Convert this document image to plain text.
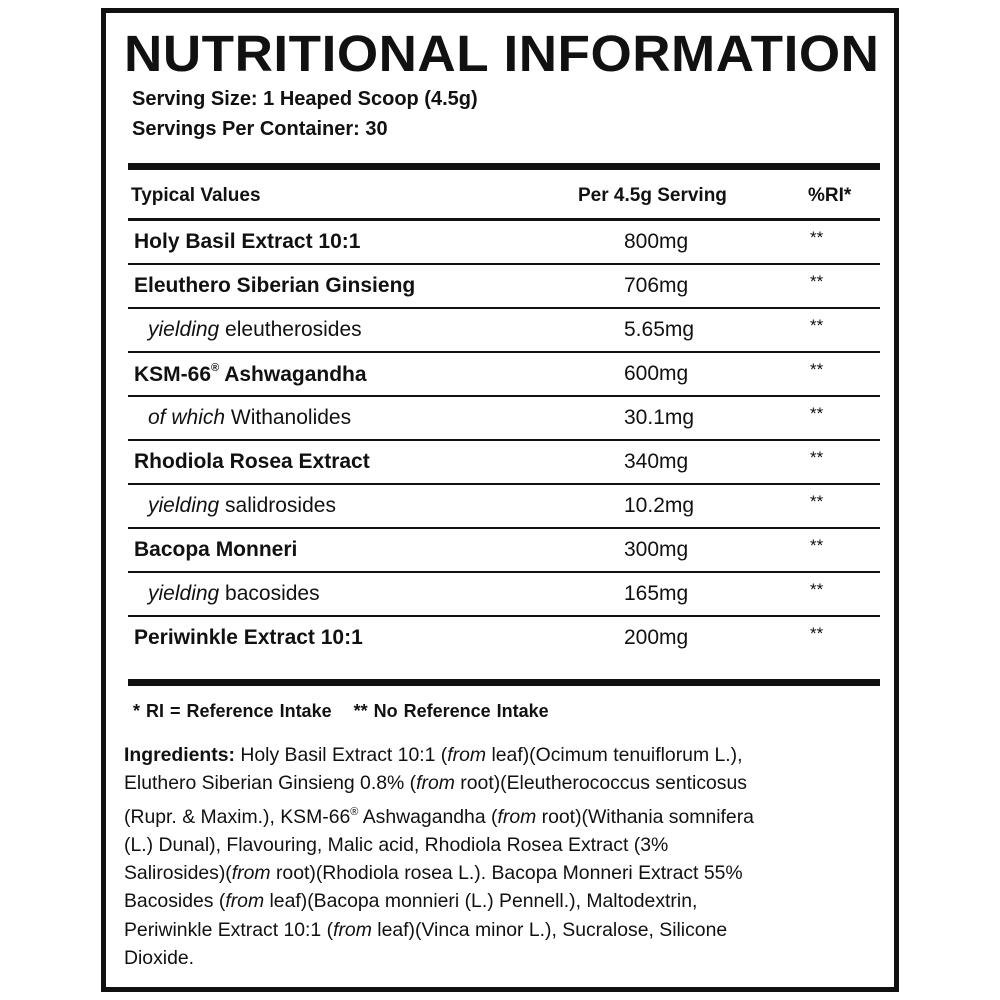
NUTRITIONAL INFORMATION
Serving Size: 1 Heaped Scoop (4.5g)
Servings Per Container: 30
Typical Values	Per 4.5g Serving	%RI*
Holy Basil Extract 10:1	800mg	**
Eleuthero Siberian Ginsieng	706mg	**
yielding eleutherosides	5.65mg	**
KSM-66® Ashwagandha	600mg	**
of which Withanolides	30.1mg	**
Rhodiola Rosea Extract	340mg	**
yielding salidrosides	10.2mg	**
Bacopa Monneri	300mg	**
yielding bacosides	165mg	**
Periwinkle Extract 10:1	200mg	**
* RI = Reference Intake ** No Reference Intake
Ingredients: Holy Basil Extract 10:1 (from leaf)(Ocimum tenuiflorum L.),
Eluthero Siberian Ginsieng 0.8% (from root)(Eleutherococcus senticosus
(Rupr. & Maxim.), KSM-66® Ashwagandha (from root)(Withania somnifera
(L.) Dunal), Flavouring, Malic acid, Rhodiola Rosea Extract (3%
Salirosides)(from root)(Rhodiola rosea L.). Bacopa Monneri Extract 55%
Bacosides (from leaf)(Bacopa monnieri (L.) Pennell.), Maltodextrin,
Periwinkle Extract 10:1 (from leaf)(Vinca minor L.), Sucralose, Silicone
Dioxide.
